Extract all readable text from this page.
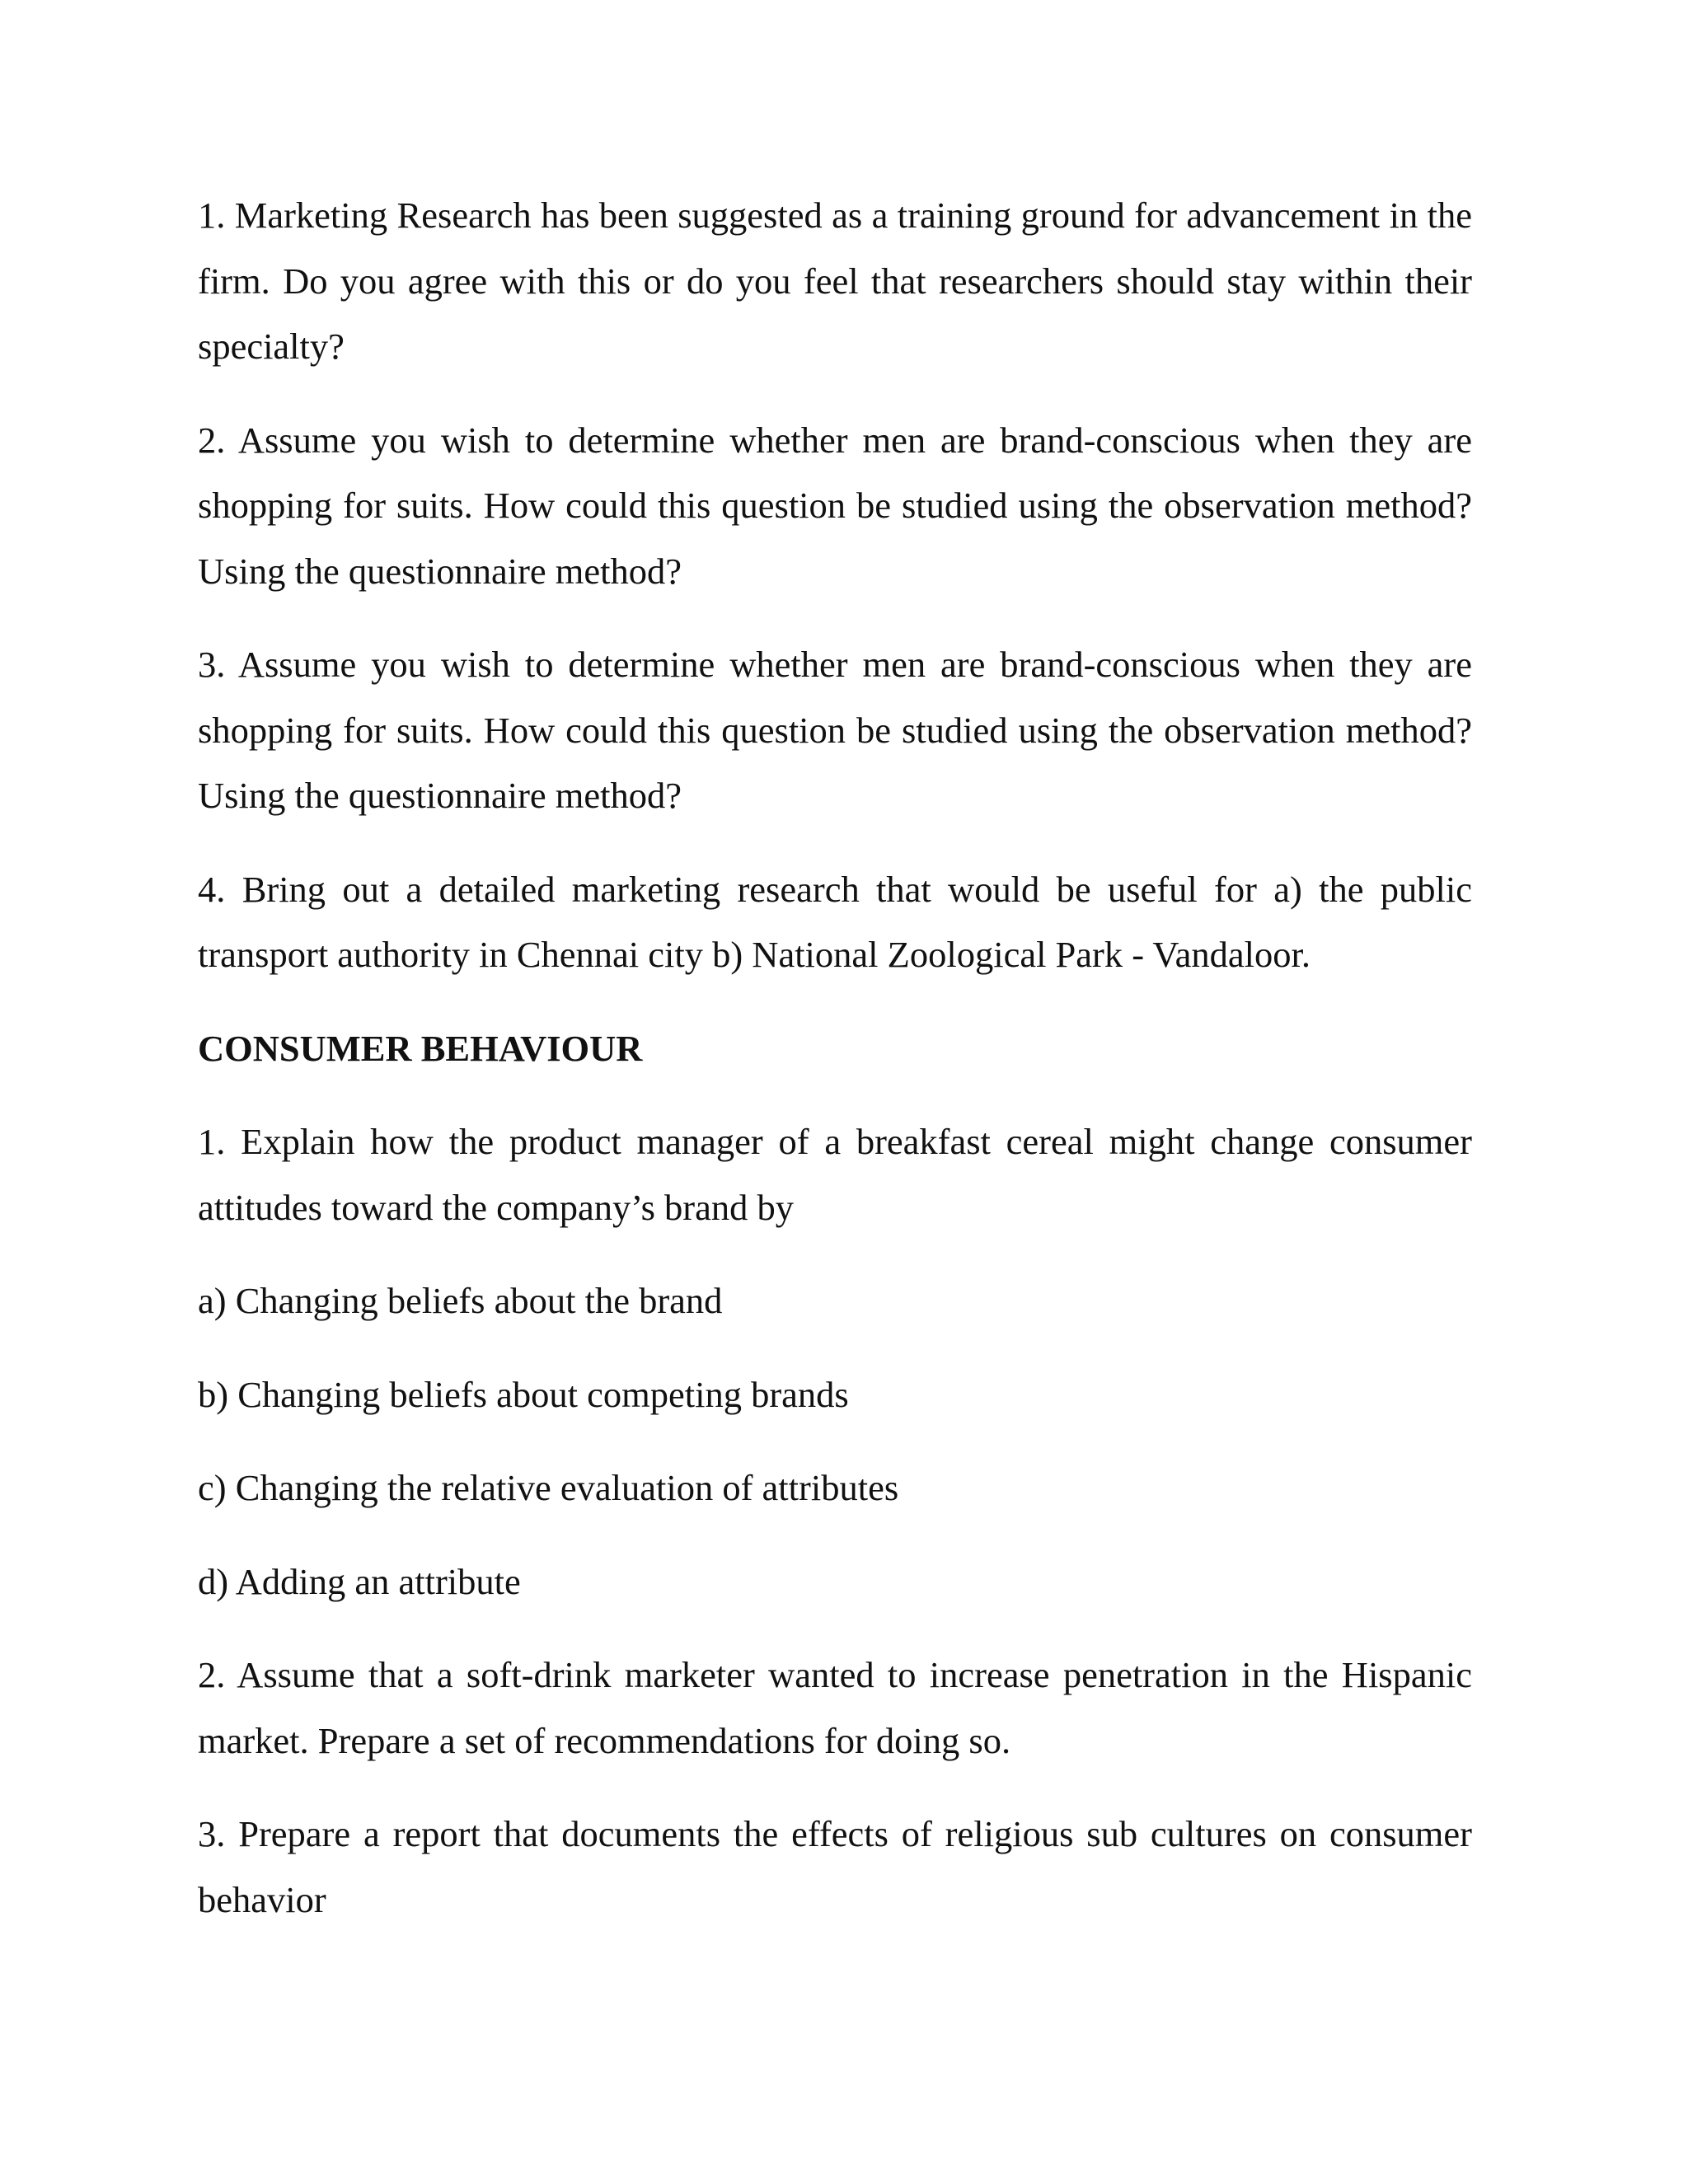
1. Marketing Research has been suggested as a training ground for advancement in the firm. Do you agree with this or do you feel that researchers should stay within their specialty?

2. Assume you wish to determine whether men are brand-conscious when they are shopping for suits. How could this question be studied using the observation method? Using the questionnaire method?

3. Assume you wish to determine whether men are brand-conscious when they are shopping for suits. How could this question be studied using the observation method? Using the questionnaire method?

4. Bring out a detailed marketing research that would be useful for a) the public transport authority in Chennai city b) National Zoological Park - Vandaloor.

CONSUMER BEHAVIOUR

1. Explain how the product manager of a breakfast cereal might change consumer attitudes toward the company’s brand by

a) Changing beliefs about the brand

b) Changing beliefs about competing brands

c) Changing the relative evaluation of attributes

d) Adding an attribute

2. Assume that a soft-drink marketer wanted to increase penetration in the Hispanic market. Prepare a set of recommendations for doing so.

3. Prepare a report that documents the effects of religious sub cultures on consumer behavior
